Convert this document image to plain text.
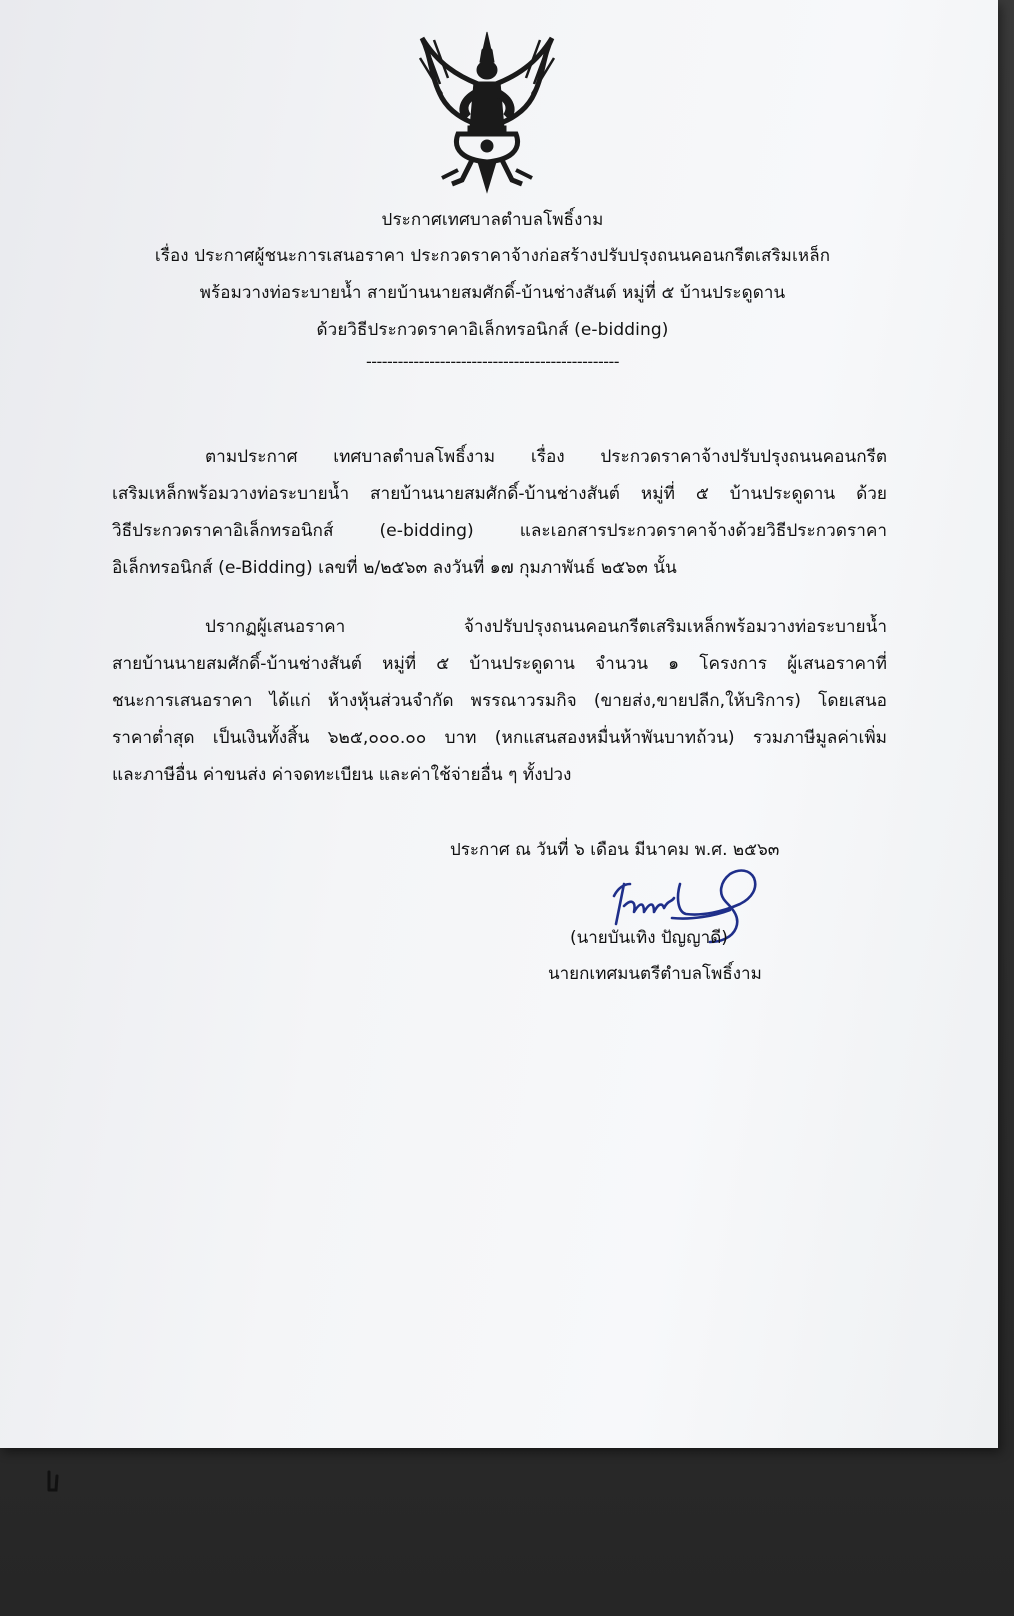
ประกาศเทศบาลตำบลโพธิ์งาม
เรื่อง ประกาศผู้ชนะการเสนอราคา ประกวดราคาจ้างก่อสร้างปรับปรุงถนนคอนกรีตเสริมเหล็ก
พร้อมวางท่อระบายน้ำ สายบ้านนายสมศักดิ์-บ้านช่างสันต์ หมู่ที่ ๕ บ้านประดูดาน
ด้วยวิธีประกวดราคาอิเล็กทรอนิกส์ (e-bidding)
------------------------------------------------
ตามประกาศ เทศบาลตำบลโพธิ์งาม เรื่อง ประกวดราคาจ้างปรับปรุงถนนคอนกรีต
เสริมเหล็กพร้อมวางท่อระบายน้ำ สายบ้านนายสมศักดิ์-บ้านช่างสันต์ หมู่ที่ ๕ บ้านประดูดาน ด้วย
วิธีประกวดราคาอิเล็กทรอนิกส์ (e-bidding) และเอกสารประกวดราคาจ้างด้วยวิธีประกวดราคา
อิเล็กทรอนิกส์ (e-Bidding) เลขที่ ๒/๒๕๖๓ ลงวันที่ ๑๗ กุมภาพันธ์ ๒๕๖๓ นั้น
ปรากฏผู้เสนอราคา จ้างปรับปรุงถนนคอนกรีตเสริมเหล็กพร้อมวางท่อระบายน้ำ
สายบ้านนายสมศักดิ์-บ้านช่างสันต์ หมู่ที่ ๕ บ้านประดูดาน จำนวน ๑ โครงการ ผู้เสนอราคาที่
ชนะการเสนอราคา ได้แก่ ห้างหุ้นส่วนจำกัด พรรณาวรมกิจ (ขายส่ง,ขายปลีก,ให้บริการ) โดยเสนอ
ราคาต่ำสุด เป็นเงินทั้งสิ้น ๖๒๕,๐๐๐.๐๐ บาท (หกแสนสองหมื่นห้าพันบาทถ้วน) รวมภาษีมูลค่าเพิ่ม
และภาษีอื่น ค่าขนส่ง ค่าจดทะเบียน และค่าใช้จ่ายอื่น ๆ ทั้งปวง
ประกาศ ณ วันที่ ๖ เดือน มีนาคม พ.ศ. ๒๕๖๓
(นายบันเทิง ปัญญาดี)
นายกเทศมนตรีตำบลโพธิ์งาม
